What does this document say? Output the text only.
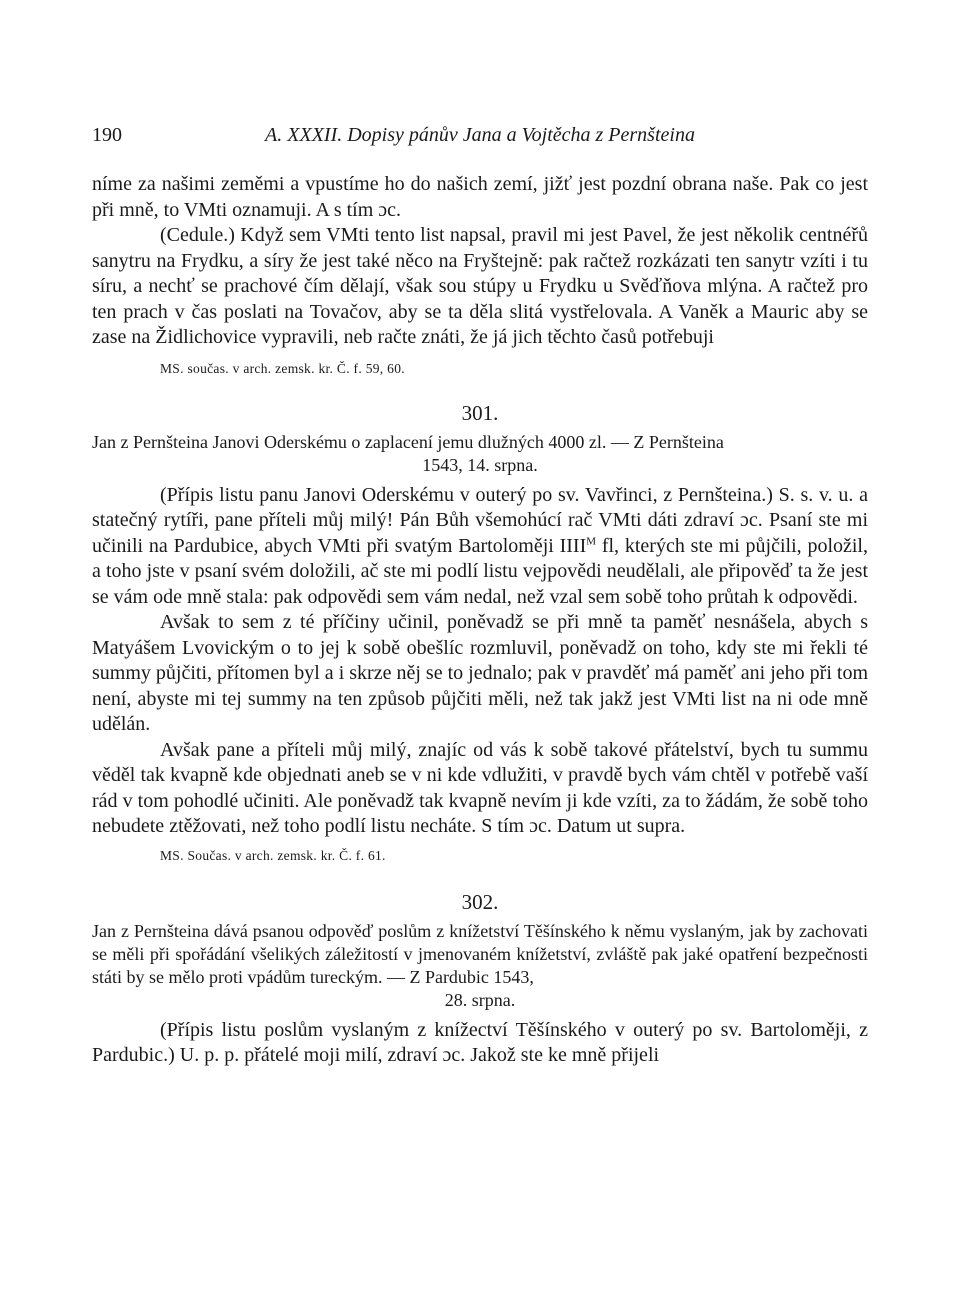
190	A. XXXII. Dopisy pánův Jana a Vojtěcha z Pernšteina

níme za našimi zeměmi a vpustíme ho do našich zemí, jižť jest pozdní obrana naše. Pak co jest při mně, to VMti oznamuji. A s tím ɔc.

(Cedule.) Když sem VMti tento list napsal, pravil mi jest Pavel, že jest několik centnéřů sanytru na Frydku, a síry že jest také něco na Fryštejně: pak račtež rozkázati ten sanytr vzíti i tu síru, a nechť se prachové čím dělají, však sou stúpy u Frydku u Svěďňova mlýna. A račtež pro ten prach v čas poslati na Tovačov, aby se ta děla slitá vystřelovala. A Vaněk a Mauric aby se zase na Židlichovice vypravili, neb račte znáti, že já jich těchto časů potřebuji

MS. součas. v arch. zemsk. kr. Č. f. 59, 60.

301.

Jan z Pernšteina Janovi Oderskému o zaplacení jemu dlužných 4000 zl. — Z Pernšteina

1543, 14. srpna.

(Přípis listu panu Janovi Oderskému v outerý po sv. Vavřinci, z Pernšteina.) S. s. v. u. a statečný rytíři, pane příteli můj milý! Pán Bůh všemohúcí rač VMti dáti zdraví ɔc. Psaní ste mi učinili na Pardubice, abych VMti při svatým Bartoloměji $IIII^M$ fl, kterých ste mi půjčili, položil, a toho jste v psaní svém doložili, ač ste mi podlí listu vejpovědi neudělali, ale připověď ta že jest se vám ode mně stala: pak odpovědi sem vám nedal, než vzal sem sobě toho průtah k odpovědi.

Avšak to sem z té příčiny učinil, poněvadž se při mně ta paměť nesnášela, abych s Matyášem Lvovickým o to jej k sobě obešlíc rozmluvil, poněvadž on toho, kdy ste mi řekli té summy půjčiti, přítomen byl a i skrze něj se to jednalo; pak v pravděť má paměť ani jeho při tom není, abyste mi tej summy na ten způsob půjčiti měli, než tak jakž jest VMti list na ni ode mně udělán.

Avšak pane a příteli můj milý, znajíc od vás k sobě takové přátelství, bych tu summu věděl tak kvapně kde objednati aneb se v ni kde vdlužiti, v pravdě bych vám chtěl v potřebě vaší rád v tom pohodlé učiniti. Ale poněvadž tak kvapně nevím ji kde vzíti, za to žádám, že sobě toho nebudete ztěžovati, než toho podlí listu necháte. S tím ɔc. Datum ut supra.

MS. Součas. v arch. zemsk. kr. Č. f. 61.

302.

Jan z Pernšteina dává psanou odpověď poslům z knížetství Těšínského k němu vyslaným, jak by zachovati se měli při spořádání všelikých záležitostí v jmenovaném knížetství, zvláště pak jaké opatření bezpečnosti státi by se mělo proti vpádům tureckým. — Z Pardubic 1543,

28. srpna.

(Přípis listu poslům vyslaným z knížectví Těšínského v outerý po sv. Bartoloměji, z Pardubic.) U. p. p. přátelé moji milí, zdraví ɔc. Jakož ste ke mně přijeli
